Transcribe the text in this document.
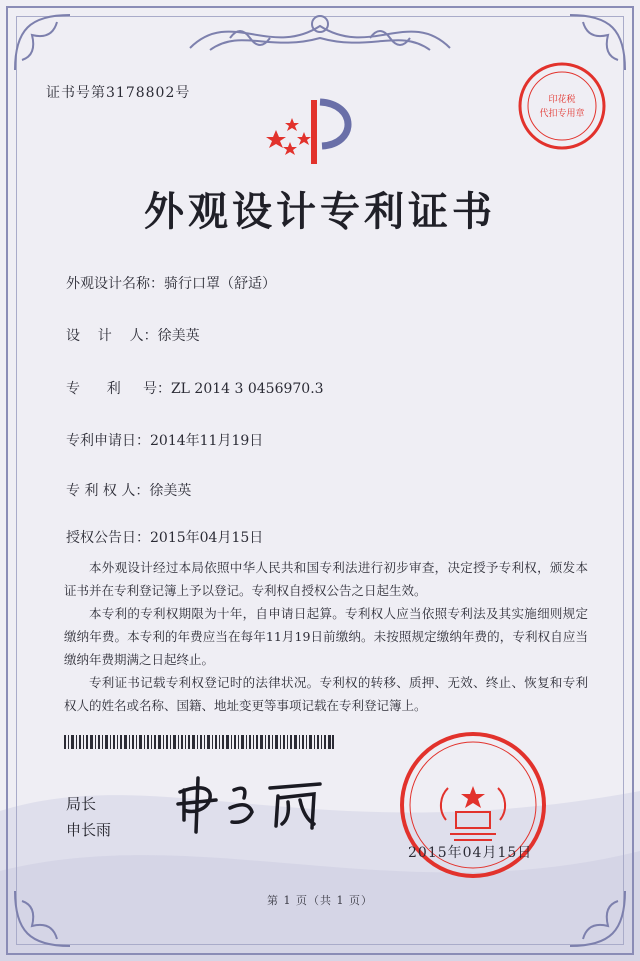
证书号第3178802号	印花税
代扣专用章
外观设计专利证书
外观设计名称：骑行口罩（舒适）
设    计    人：徐美英
专      利     号：ZL 2014 3 0456970.3
专利申请日：2014年11月19日
专 利 权 人：徐美英
授权公告日：2015年04月15日

本外观设计经过本局依照中华人民共和国专利法进行初步审查，决定授予专利权，颁发本证书并在专利登记簿上予以登记。专利权自授权公告之日起生效。

本专利的专利权期限为十年，自申请日起算。专利权人应当依照专利法及其实施细则规定缴纳年费。本专利的年费应当在每年11月19日前缴纳。未按照规定缴纳年费的，专利权自应当缴纳年费期满之日起终止。

专利证书记载专利权登记时的法律状况。专利权的转移、质押、无效、终止、恢复和专利权人的姓名或名称、国籍、地址变更等事项记载在专利登记簿上。

局长
申长雨
2015年04月15日
第 1 页（共 1 页）
